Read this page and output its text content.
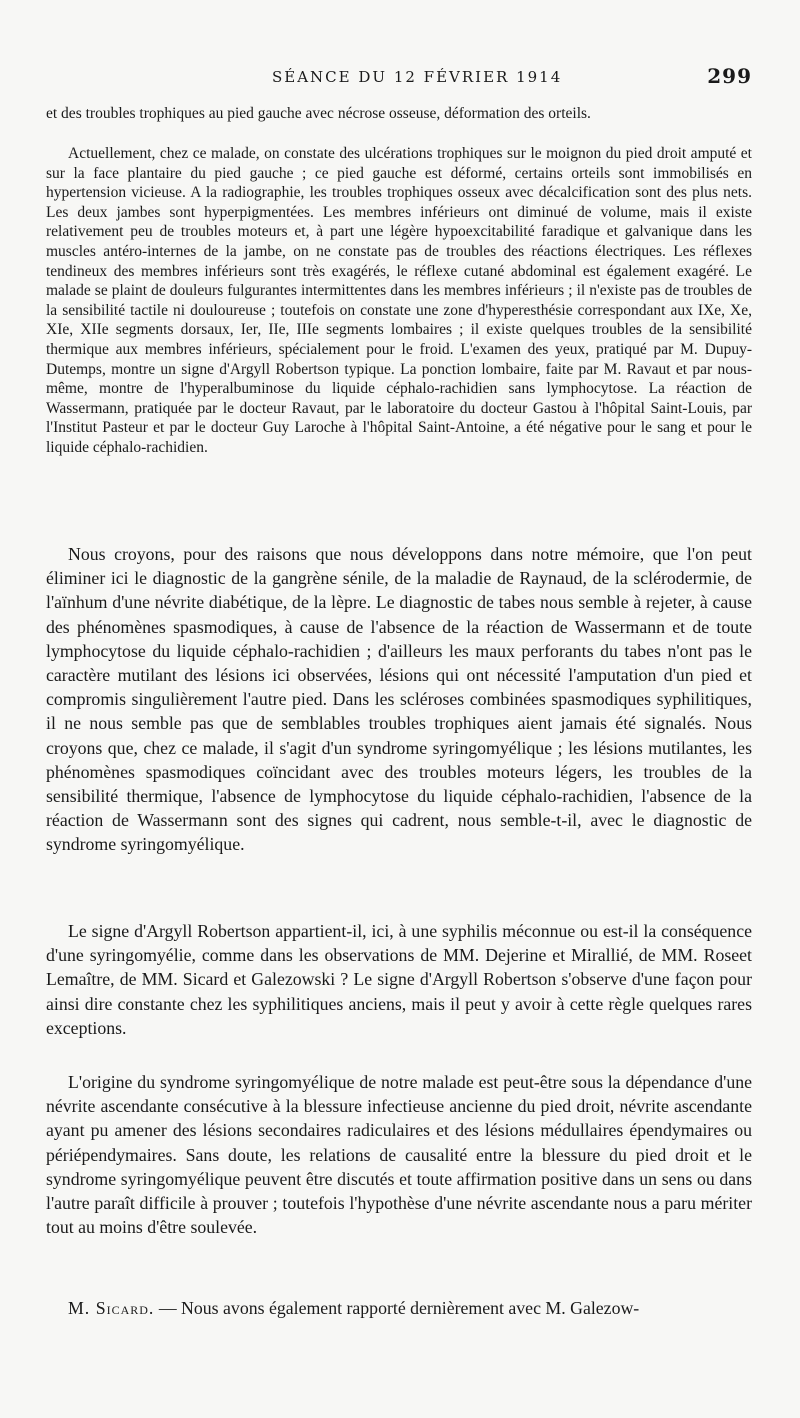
SÉANCE DU 12 FÉVRIER 1914	299

et des troubles trophiques au pied gauche avec nécrose osseuse, déformation des orteils.

Actuellement, chez ce malade, on constate des ulcérations trophiques sur le moignon du pied droit amputé et sur la face plantaire du pied gauche ; ce pied gauche est déformé, certains orteils sont immobilisés en hypertension vicieuse. A la radiographie, les troubles trophiques osseux avec décalcification sont des plus nets. Les deux jambes sont hyperpigmentées. Les membres inférieurs ont diminué de volume, mais il existe relativement peu de troubles moteurs et, à part une légère hypoexcitabilité faradique et galvanique dans les muscles antéro-internes de la jambe, on ne constate pas de troubles des réactions électriques. Les réflexes tendineux des membres inférieurs sont très exagérés, le réflexe cutané abdominal est également exagéré. Le malade se plaint de douleurs fulgurantes intermittentes dans les membres inférieurs ; il n'existe pas de troubles de la sensibilité tactile ni douloureuse ; toutefois on constate une zone d'hyperesthésie correspondant aux IXe, Xe, XIe, XIIe segments dorsaux, Ier, IIe, IIIe segments lombaires ; il existe quelques troubles de la sensibilité thermique aux membres inférieurs, spécialement pour le froid. L'examen des yeux, pratiqué par M. Dupuy-Dutemps, montre un signe d'Argyll Robertson typique. La ponction lombaire, faite par M. Ravaut et par nous-même, montre de l'hyperalbuminose du liquide céphalo-rachidien sans lymphocytose. La réaction de Wassermann, pratiquée par le docteur Ravaut, par le laboratoire du docteur Gastou à l'hôpital Saint-Louis, par l'Institut Pasteur et par le docteur Guy Laroche à l'hôpital Saint-Antoine, a été négative pour le sang et pour le liquide céphalo-rachidien.

Nous croyons, pour des raisons que nous développons dans notre mémoire, que l'on peut éliminer ici le diagnostic de la gangrène sénile, de la maladie de Raynaud, de la sclérodermie, de l'aïnhum d'une névrite diabétique, de la lèpre. Le diagnostic de tabes nous semble à rejeter, à cause des phénomènes spasmodiques, à cause de l'absence de la réaction de Wassermann et de toute lymphocytose du liquide céphalo-rachidien ; d'ailleurs les maux perforants du tabes n'ont pas le caractère mutilant des lésions ici observées, lésions qui ont nécessité l'amputation d'un pied et compromis singulièrement l'autre pied. Dans les scléroses combinées spasmodiques syphilitiques, il ne nous semble pas que de semblables troubles trophiques aient jamais été signalés. Nous croyons que, chez ce malade, il s'agit d'un syndrome syringomyélique ; les lésions mutilantes, les phénomènes spasmodiques coïncidant avec des troubles moteurs légers, les troubles de la sensibilité thermique, l'absence de lymphocytose du liquide céphalo-rachidien, l'absence de la réaction de Wassermann sont des signes qui cadrent, nous semble-t-il, avec le diagnostic de syndrome syringomyélique.

Le signe d'Argyll Robertson appartient-il, ici, à une syphilis méconnue ou est-il la conséquence d'une syringomyélie, comme dans les observations de MM. Dejerine et Mirallié, de MM. Roseet Lemaître, de MM. Sicard et Galezowski ? Le signe d'Argyll Robertson s'observe d'une façon pour ainsi dire constante chez les syphilitiques anciens, mais il peut y avoir à cette règle quelques rares exceptions.

L'origine du syndrome syringomyélique de notre malade est peut-être sous la dépendance d'une névrite ascendante consécutive à la blessure infectieuse ancienne du pied droit, névrite ascendante ayant pu amener des lésions secondaires radiculaires et des lésions médullaires épendymaires ou périépendymaires. Sans doute, les relations de causalité entre la blessure du pied droit et le syndrome syringomyélique peuvent être discutés et toute affirmation positive dans un sens ou dans l'autre paraît difficile à prouver ; toutefois l'hypothèse d'une névrite ascendante nous a paru mériter tout au moins d'être soulevée.

M. Sicard. — Nous avons également rapporté dernièrement avec M. Galezow-
